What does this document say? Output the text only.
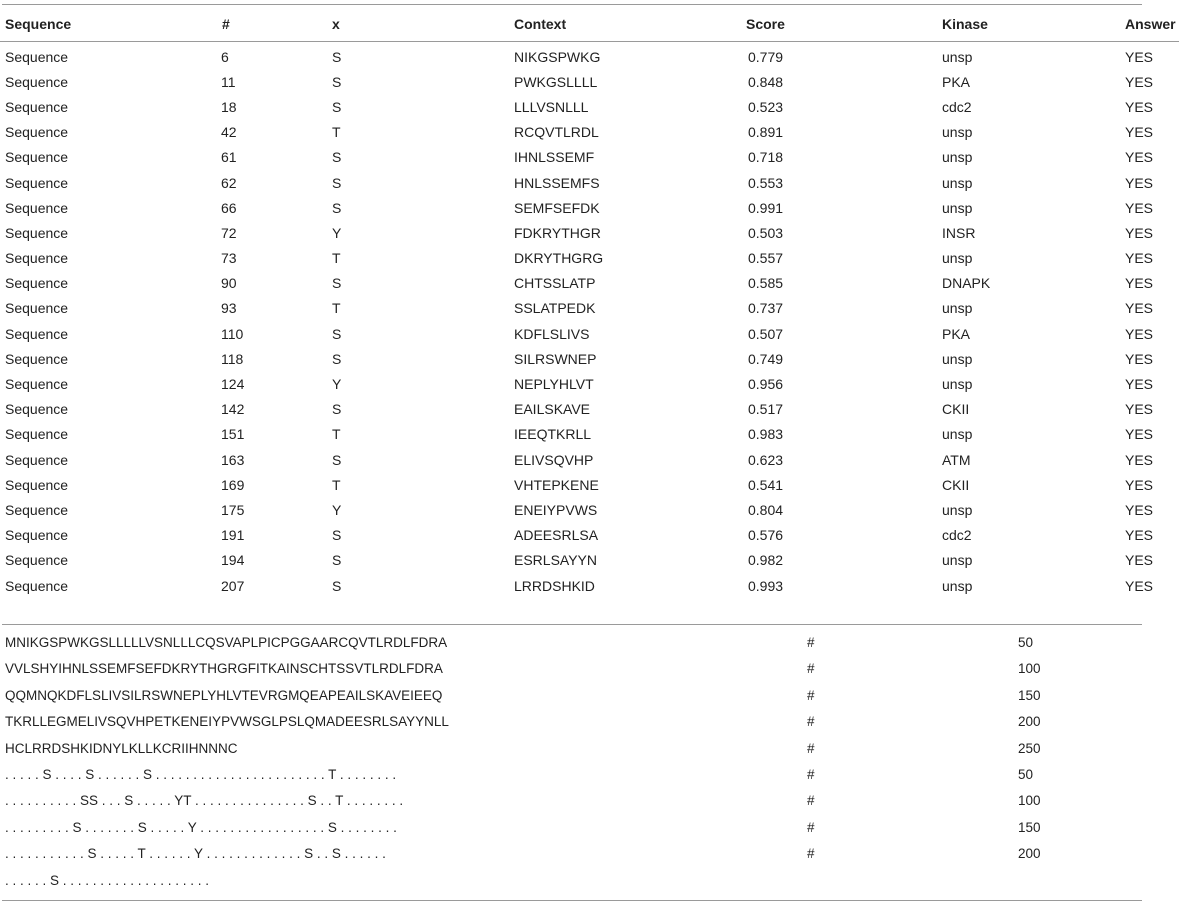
Sequence	#	x	Context	Score	Kinase	Answer

Sequence	6	S	NIKGSPWKG	0.779	unsp	YES
Sequence	11	S	PWKGSLLLL	0.848	PKA	YES
Sequence	18	S	LLLVSNLLL	0.523	cdc2	YES
Sequence	42	T	RCQVTLRDL	0.891	unsp	YES
Sequence	61	S	IHNLSSEMF	0.718	unsp	YES
Sequence	62	S	HNLSSEMFS	0.553	unsp	YES
Sequence	66	S	SEMFSEFDK	0.991	unsp	YES
Sequence	72	Y	FDKRYTHGR	0.503	INSR	YES
Sequence	73	T	DKRYTHGRG	0.557	unsp	YES
Sequence	90	S	CHTSSLATP	0.585	DNAPK	YES
Sequence	93	T	SSLATPEDK	0.737	unsp	YES
Sequence	110	S	KDFLSLIVS	0.507	PKA	YES
Sequence	118	S	SILRSWNEP	0.749	unsp	YES
Sequence	124	Y	NEPLYHLVT	0.956	unsp	YES
Sequence	142	S	EAILSKAVE	0.517	CKII	YES
Sequence	151	T	IEEQTKRLL	0.983	unsp	YES
Sequence	163	S	ELIVSQVHP	0.623	ATM	YES
Sequence	169	T	VHTEPKENE	0.541	CKII	YES
Sequence	175	Y	ENEIYPVWS	0.804	unsp	YES
Sequence	191	S	ADEESRLSA	0.576	cdc2	YES
Sequence	194	S	ESRLSAYYN	0.982	unsp	YES
Sequence	207	S	LRRDSHKID	0.993	unsp	YES
MNIKGSPWKGSLLLLLVSNLLLCQSVAPLPICPGGAARCQVTLRDLFDRA	#	50
VVLSHYIHNLSSEMFSEFDKRYTHGRGFITKAINSCHTSSVTLRDLFDRA	#	100
QQMNQKDFLSLIVSILRSWNEPLYHLVTEVRGMQEAPEAILSKAVEIEEQ	#	150
TKRLLEGMELIVSQVHPETKENEIYPVWSGLPSLQMADEESRLSAYYNLL	#	200
HCLRRDSHKIDNYLKLLKCRIIHNNNC	#	250
. . . . . S . . . . S . . . . . . S . . . . . . . . . . . . . . . . . . . . . . . T . . . . . . . .	#	50
. . . . . . . . . . SS . . . S . . . . . YT . . . . . . . . . . . . . . . S . . T . . . . . . . .	#	100
. . . . . . . . . S . . . . . . . S . . . . . Y . . . . . . . . . . . . . . . . . S . . . . . . . .	#	150
. . . . . . . . . . . S . . . . . T . . . . . . Y . . . . . . . . . . . . . S . . S . . . . . .	#	200
. . . . . . S . . . . . . . . . . . . . . . . . . . .
